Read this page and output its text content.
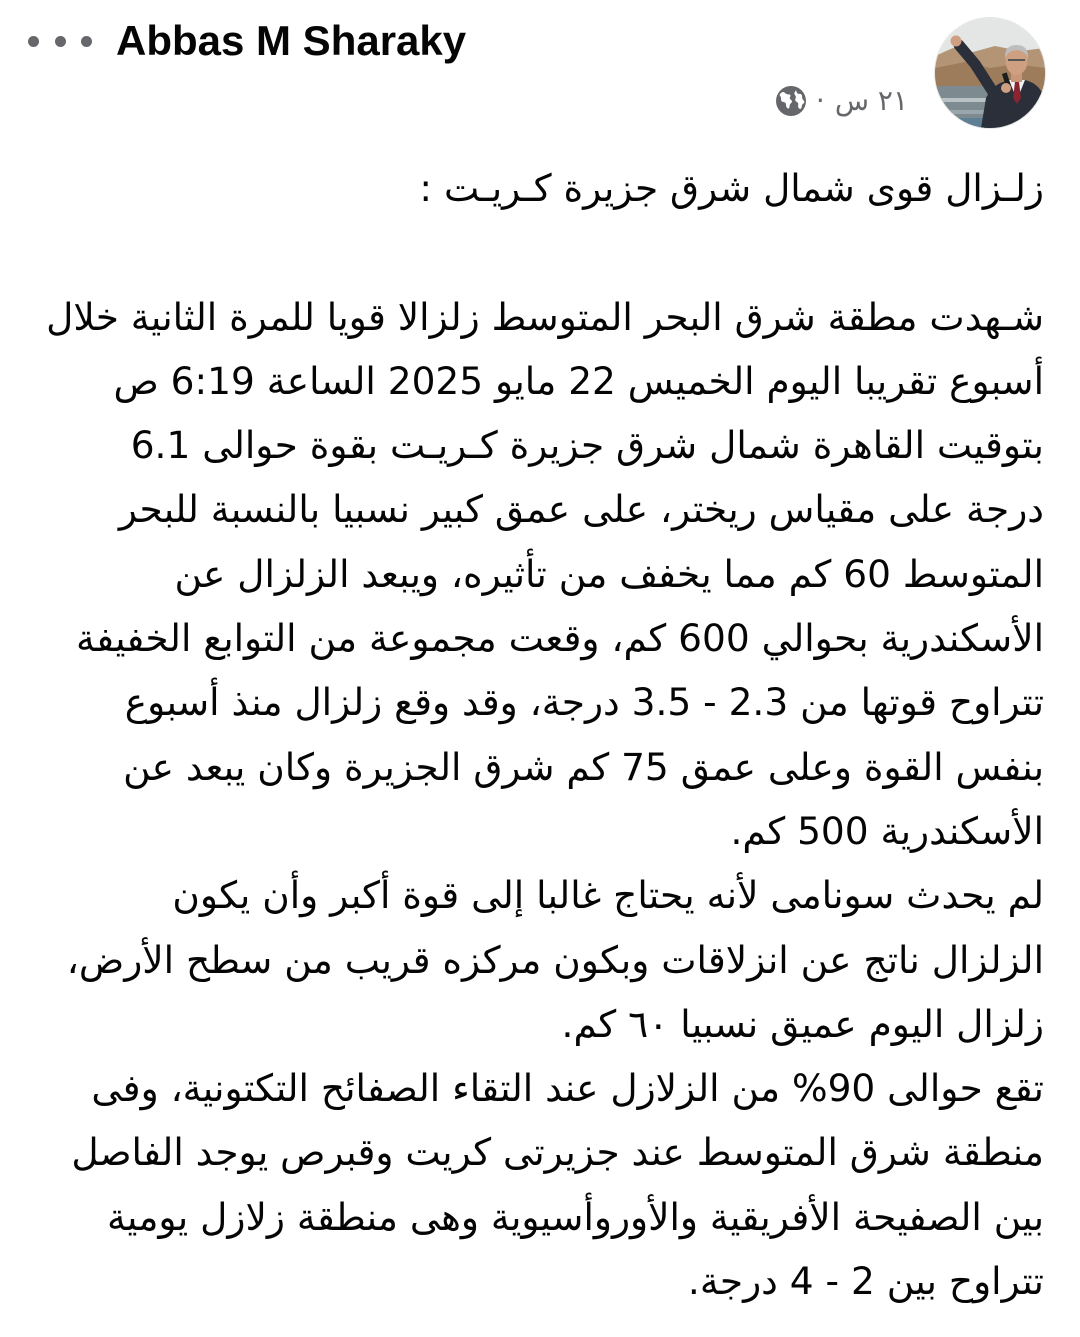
Abbas M Sharaky
٢١ س
·
زلـزال قوى شمال شرق جزيرة كـريـت :
شـهدت مطقة شرق البحر المتوسط زلزالا قويا للمرة الثانية خلال
أسبوع تقريبا اليوم الخميس 22 مايو 2025 الساعة 6:19 ص
بتوقيت القاهرة شمال شرق جزيرة كـريـت بقوة حوالى 6.1
درجة على مقياس ريختر، على عمق كبير نسبيا بالنسبة للبحر
المتوسط 60 كم مما يخفف من تأثيره، ويبعد الزلزال عن
الأسكندرية بحوالي 600 كم، وقعت مجموعة من التوابع الخفيفة
تتراوح قوتها من 2.3 - 3.5 درجة، وقد وقع زلزال منذ أسبوع
بنفس القوة وعلى عمق 75 كم شرق الجزيرة وكان يبعد عن
الأسكندرية 500 كم.
لم يحدث سونامى لأنه يحتاج غالبا إلى قوة أكبر وأن يكون
الزلزال ناتج عن انزلاقات وبكون مركزه قريب من سطح الأرض،
زلزال اليوم عميق نسبيا ٦٠ كم.
تقع حوالى 90% من الزلازل عند التقاء الصفائح التكتونية، وفى
منطقة شرق المتوسط عند جزيرتى كريت وقبرص يوجد الفاصل
بين الصفيحة الأفريقية والأوروأسيوية وهى منطقة زلازل يومية
تتراوح بين 2 - 4 درجة.
